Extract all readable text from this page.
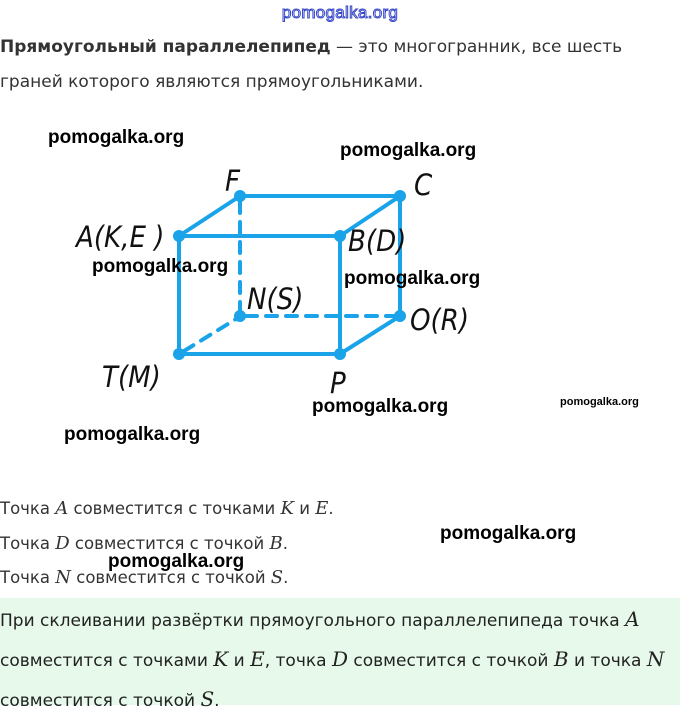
pomogalka.org
Прямоугольный параллелепипед — это многогранник, все шесть граней которого являются прямоугольниками.
A(K,E )	B(D)
C
F
N(S)
O(R)
T(M)	P
pomogalka.org
pomogalka.org
pomogalka.org
pomogalka.org
pomogalka.org	pomogalka.org
pomogalka.org
pomogalka.org
pomogalka.org
Точка A совместится с точками K и E.
Точка D совместится с точкой B.
Точка N совместится с точкой S.
При склеивании развёртки прямоугольного параллелепипеда точка A совместится с точками K и E, точка D совместится с точкой B и точка N совместится с точкой S.
